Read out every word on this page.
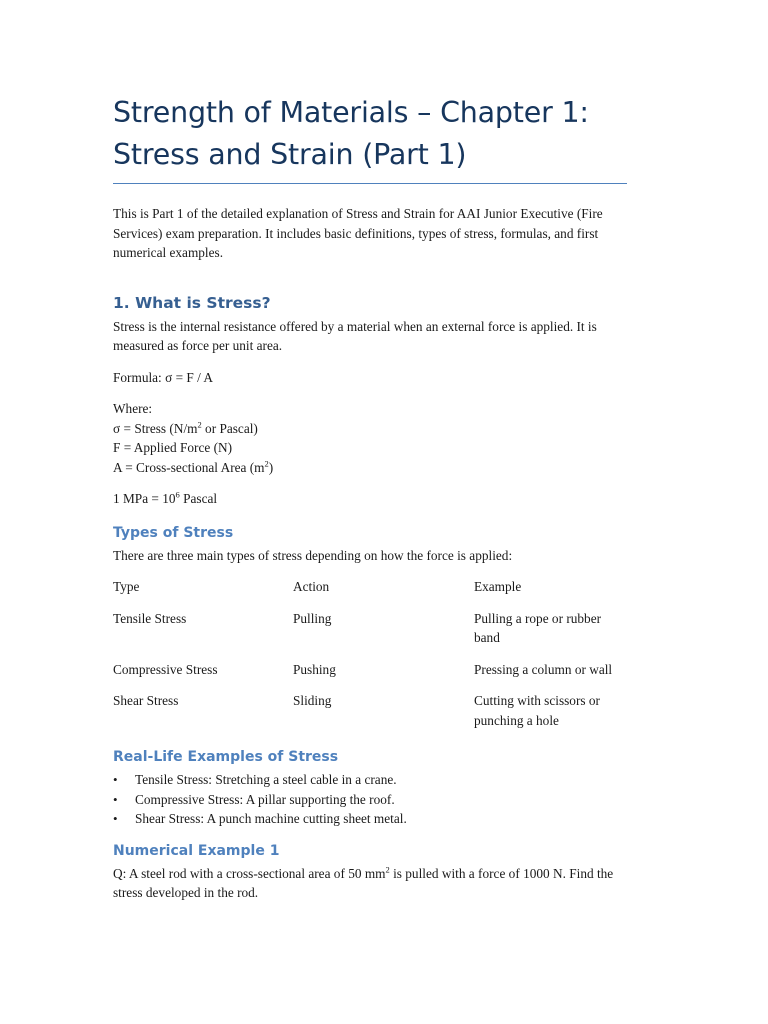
Strength of Materials – Chapter 1:
Stress and Strain (Part 1)

This is Part 1 of the detailed explanation of Stress and Strain for AAI Junior Executive (Fire Services) exam preparation. It includes basic definitions, types of stress, formulas, and first numerical examples.

1. What is Stress?

Stress is the internal resistance offered by a material when an external force is applied. It is measured as force per unit area.

Formula: σ = F / A

Where:

σ = Stress ($N/m^2$ or Pascal)

F = Applied Force (N)

A = Cross-sectional Area $(m^2)$

1 MPa = $10^6$ Pascal

Types of Stress

There are three main types of stress depending on how the force is applied:

Type	Action	Example
Tensile Stress	Pulling	Pulling a rope or rubber band
Compressive Stress	Pushing	Pressing a column or wall
Shear Stress	Sliding	Cutting with scissors or punching a hole
Real-Life Examples of Stress
• Tensile Stress: Stretching a steel cable in a crane.
• Compressive Stress: A pillar supporting the roof.
• Shear Stress: A punch machine cutting sheet metal.
Numerical Example 1

Q: A steel rod with a cross-sectional area of 50 $mm^2$ is pulled with a force of 1000 N. Find the stress developed in the rod.
